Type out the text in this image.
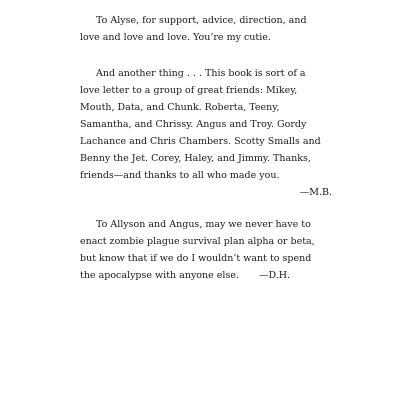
To Alyse, for support, advice, direction, and
love and love and love. You’re my cutie.
And another thing . . . This book is sort of a
love letter to a group of great friends: Mikey,
Mouth, Data, and Chunk. Roberta, Teeny,
Samantha, and Chrissy. Angus and Troy. Gordy
Lachance and Chris Chambers. Scotty Smalls and
Benny the Jet. Corey, Haley, and Jimmy. Thanks,
friends—and thanks to all who made you.
—M.B.
To Allyson and Angus, may we never have to
enact zombie plague survival plan alpha or beta,
but know that if we do I wouldn’t want to spend
the apocalypse with anyone else. —D.H.
